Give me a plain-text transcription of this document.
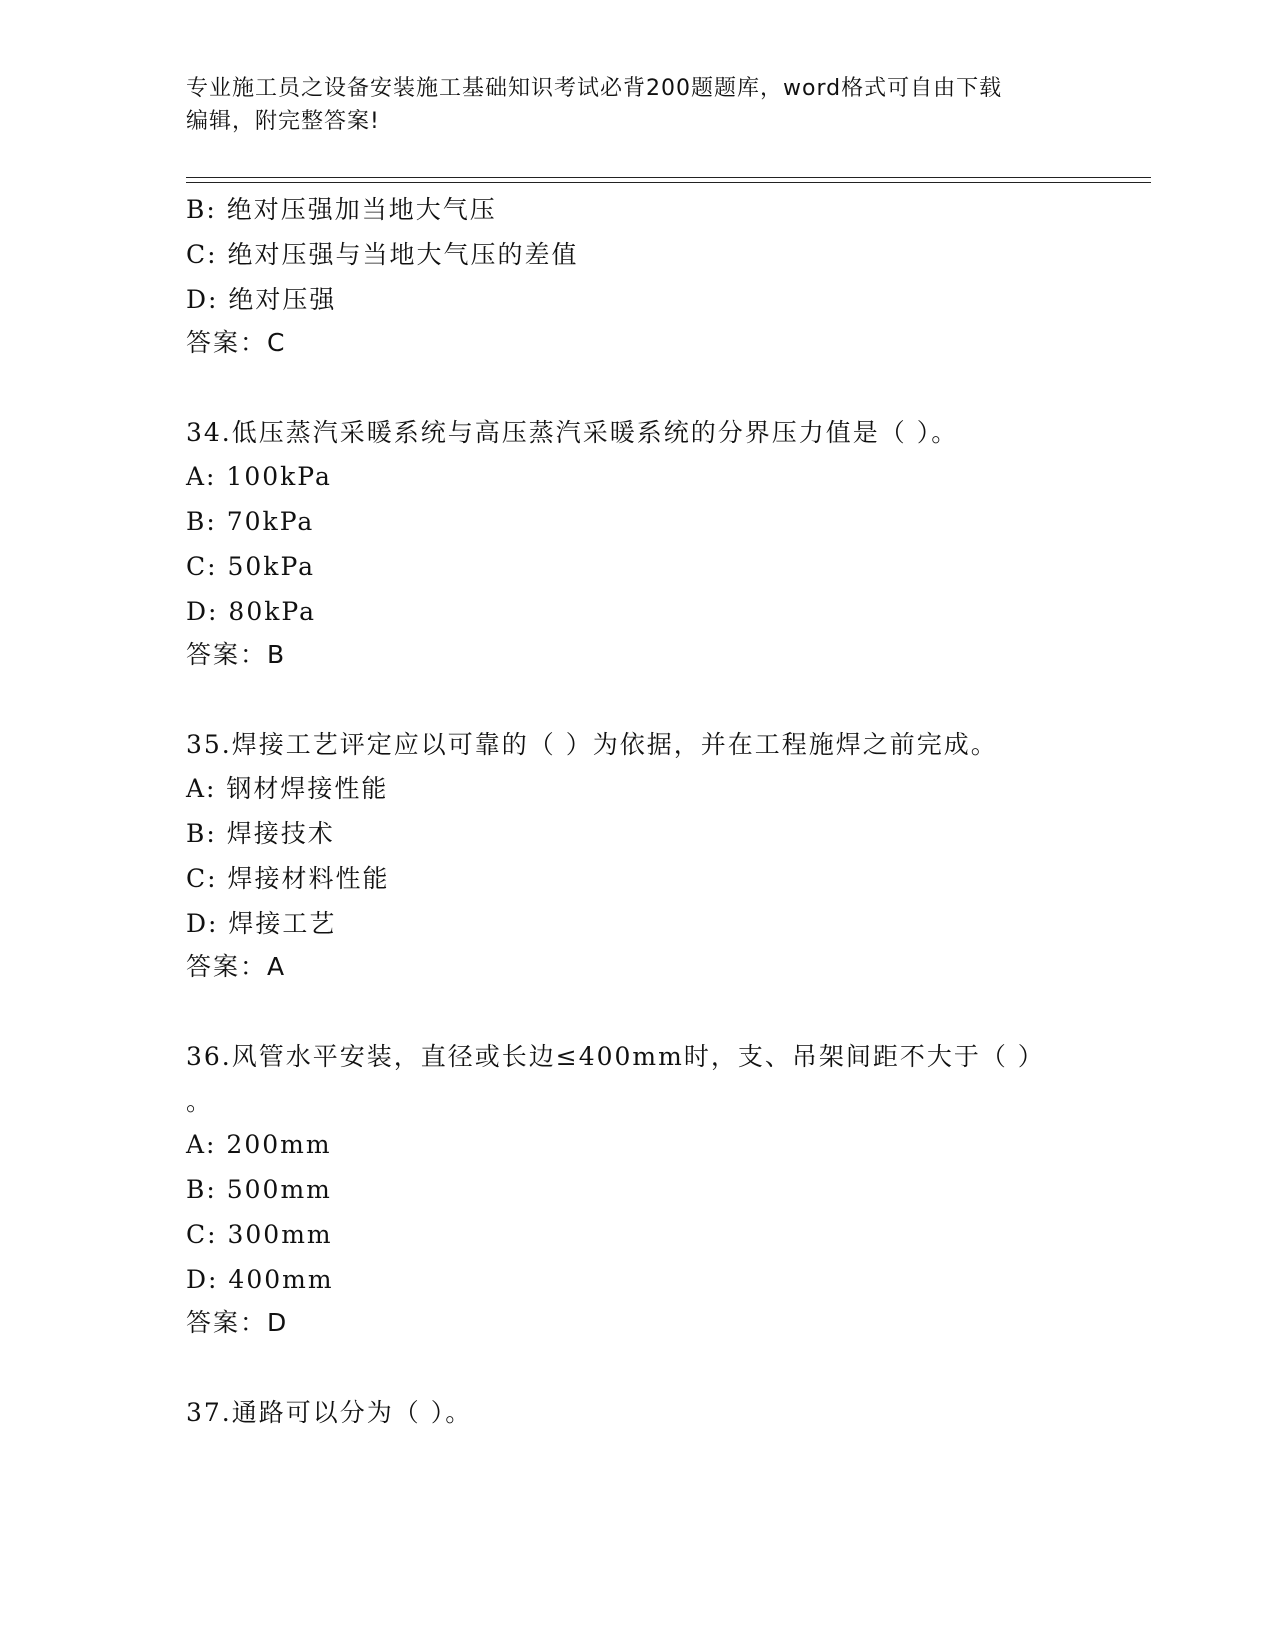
专业施工员之设备安装施工基础知识考试必背200题题库，word格式可自由下载
编辑，附完整答案!
B: 绝对压强加当地大气压
C: 绝对压强与当地大气压的差值
D: 绝对压强
答案：C
34.低压蒸汽采暖系统与高压蒸汽采暖系统的分界压力值是（ ）。
A: 100kPa
B: 70kPa
C: 50kPa
D: 80kPa
答案：B
35.焊接工艺评定应以可靠的（ ）为依据，并在工程施焊之前完成。
A: 钢材焊接性能
B: 焊接技术
C: 焊接材料性能
D: 焊接工艺
答案：A
36.风管水平安装，直径或长边≤400mm时，支、吊架间距不大于（ ）
。
A: 200mm
B: 500mm
C: 300mm
D: 400mm
答案：D
37.通路可以分为（ ）。
